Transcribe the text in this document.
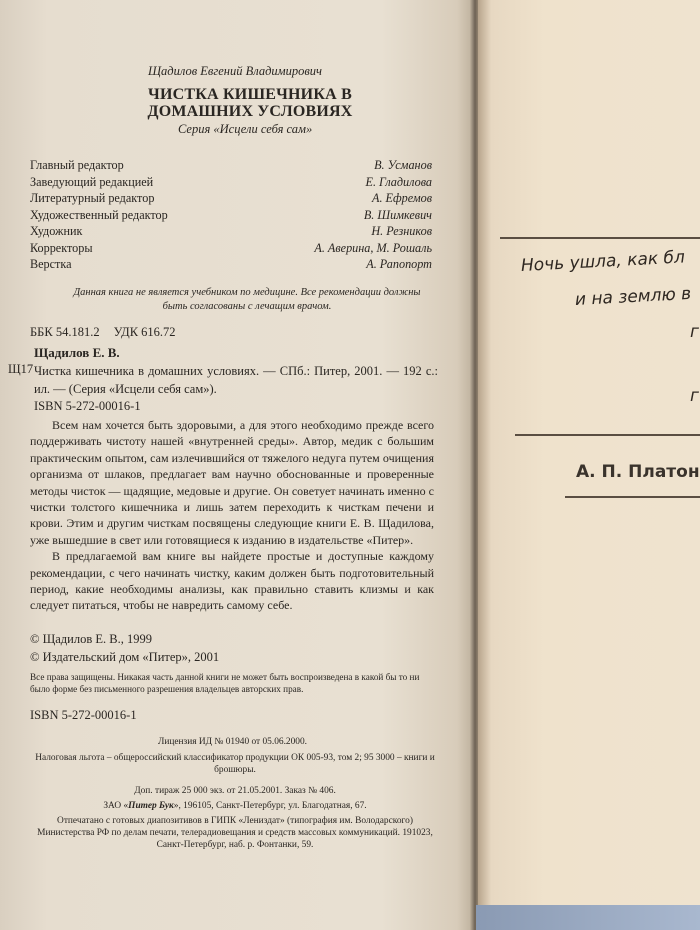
Щадилов Евгений Владимирович
ЧИСТКА КИШЕЧНИКА В ДОМАШНИХ УСЛОВИЯХ
Серия «Исцели себя сам»
Главный редактор	В. Усманов
Заведующий редакцией	Е. Гладилова
Литературный редактор	А. Ефремов
Художественный редактор	В. Шимкевич
Художник	Н. Резников
Корректоры	А. Аверина, М. Рошаль
Верстка	А. Рапопорт
Данная книга не является учебником по медицине. Все рекомендации должны быть согласованы с лечащим врачом.
ББК 54.181.2 УДК 616.72
Щадилов Е. В.
Щ17 Чистка кишечника в домашних условиях. — СПб.: Питер, 2001. — 192 с.: ил. — (Серия «Исцели себя сам»).
ISBN 5-272-00016-1

Всем нам хочется быть здоровыми, а для этого необходимо прежде всего поддерживать чистоту нашей «внутренней среды». Автор, медик с большим практическим опытом, сам излечившийся от тяжелого недуга путем очищения организма от шлаков, предлагает вам научно обоснованные и проверенные методы чисток — щадящие, медовые и другие. Он советует начинать именно с чистки толстого кишечника и лишь затем переходить к чисткам печени и крови. Этим и другим чисткам посвящены следующие книги Е. В. Щадилова, уже вышедшие в свет или готовящиеся к изданию в издательстве «Питер».

В предлагаемой вам книге вы найдете простые и доступные каждому рекомендации, с чего начинать чистку, каким должен быть подготовительный период, какие необходимы анализы, как правильно ставить клизмы и как следует питаться, чтобы не навредить самому себе.

© Щадилов Е. В., 1999
© Издательский дом «Питер», 2001
Все права защищены. Никакая часть данной книги не может быть воспроизведена в какой бы то ни было форме без письменного разрешения владельцев авторских прав.
ISBN 5-272-00016-1
Лицензия ИД № 01940 от 05.06.2000.
Налоговая льгота – общероссийский классификатор продукции ОК 005-93, том 2; 95 3000 – книги и брошюры.
Доп. тираж 25 000 экз. от 21.05.2001. Заказ № 406.
ЗАО «Питер Бук», 196105, Санкт-Петербург, ул. Благодатная, 67.
Отпечатано с готовых диапозитивов в ГИПК «Лениздат» (типография им. Володарского) Министерства РФ по делам печати, телерадиовещания и средств массовых коммуникаций. 191023, Санкт-Петербург, наб. р. Фонтанки, 59.
Ночь ушла, как бл
и на землю в
г
г
А. П. Платон
